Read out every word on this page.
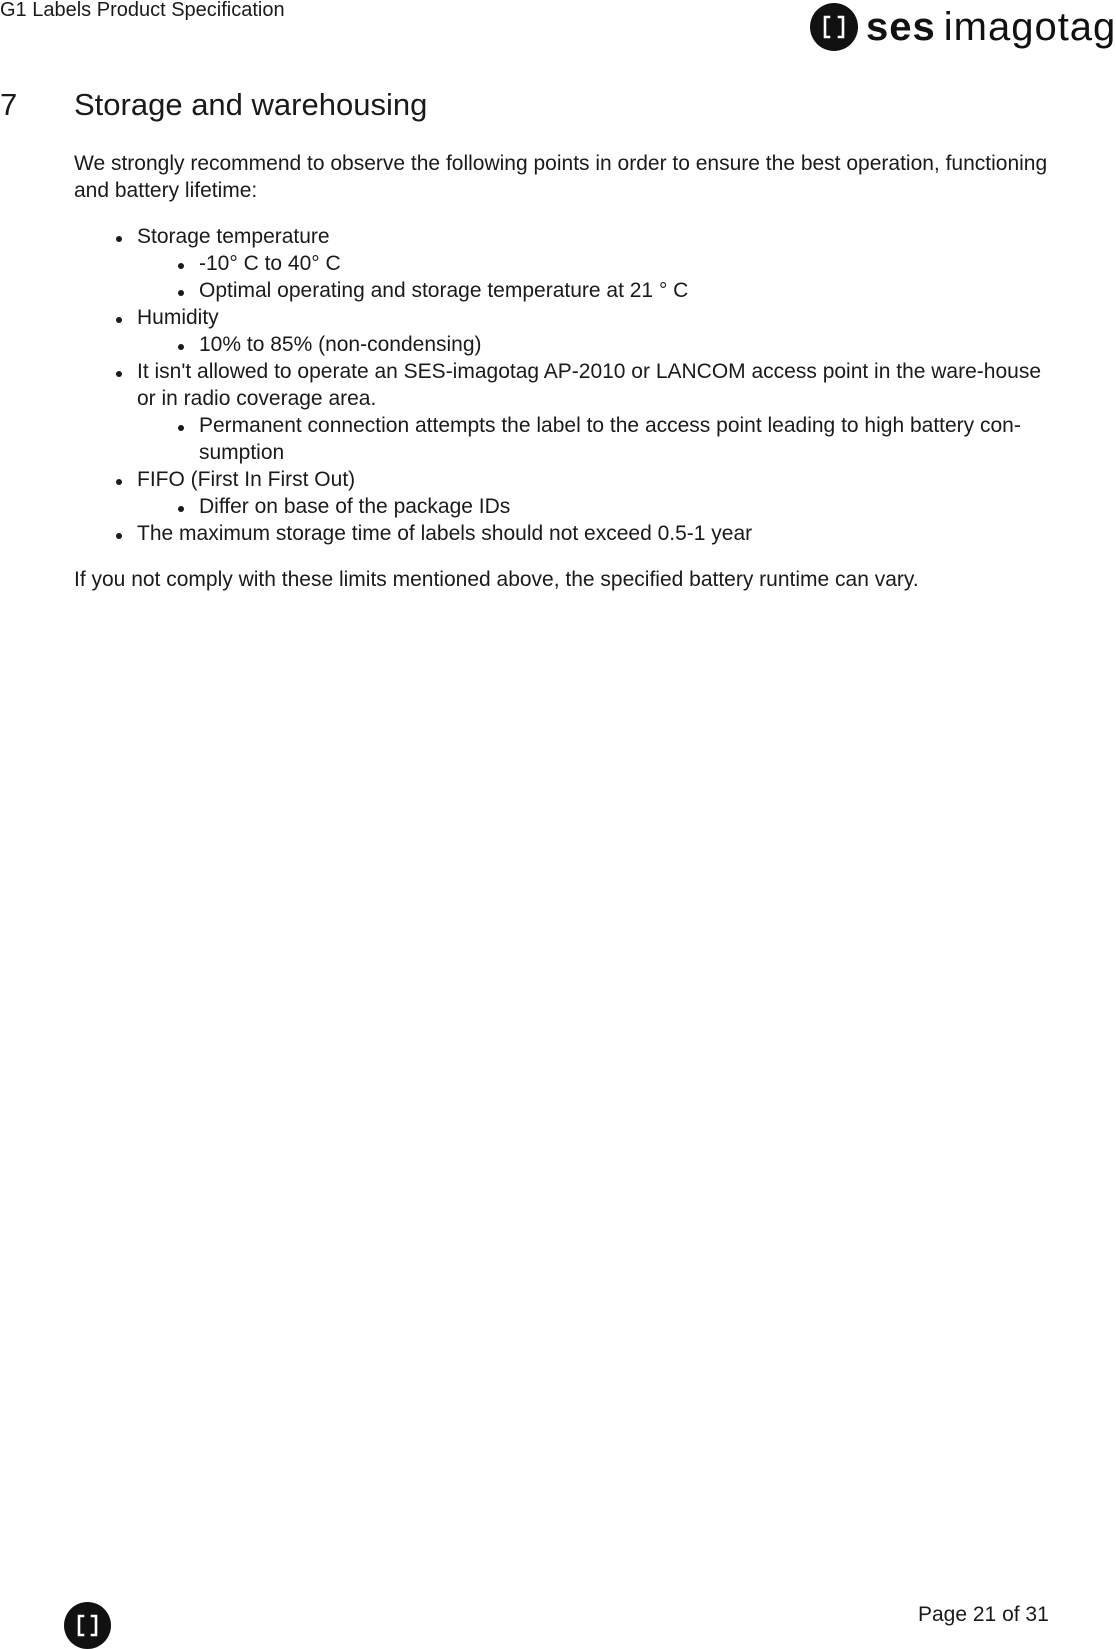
G1 Labels Product Specification	ses imagotag
7 Storage and warehousing

We strongly recommend to observe the following points in order to ensure the best operation, functioning and battery lifetime:

Storage temperature
-10° C to 40° C
Optimal operating and storage temperature at 21 ° C
Humidity
10% to 85% (non-condensing)
It isn't allowed to operate an SES-imagotag AP-2010 or LANCOM access point in the ware-house or in radio coverage area.
Permanent connection attempts the label to the access point leading to high battery con-sumption
FIFO (First In First Out)
Differ on base of the package IDs
The maximum storage time of labels should not exceed 0.5-1 year

If you not comply with these limits mentioned above, the specified battery runtime can vary.

Page 21 of 31
